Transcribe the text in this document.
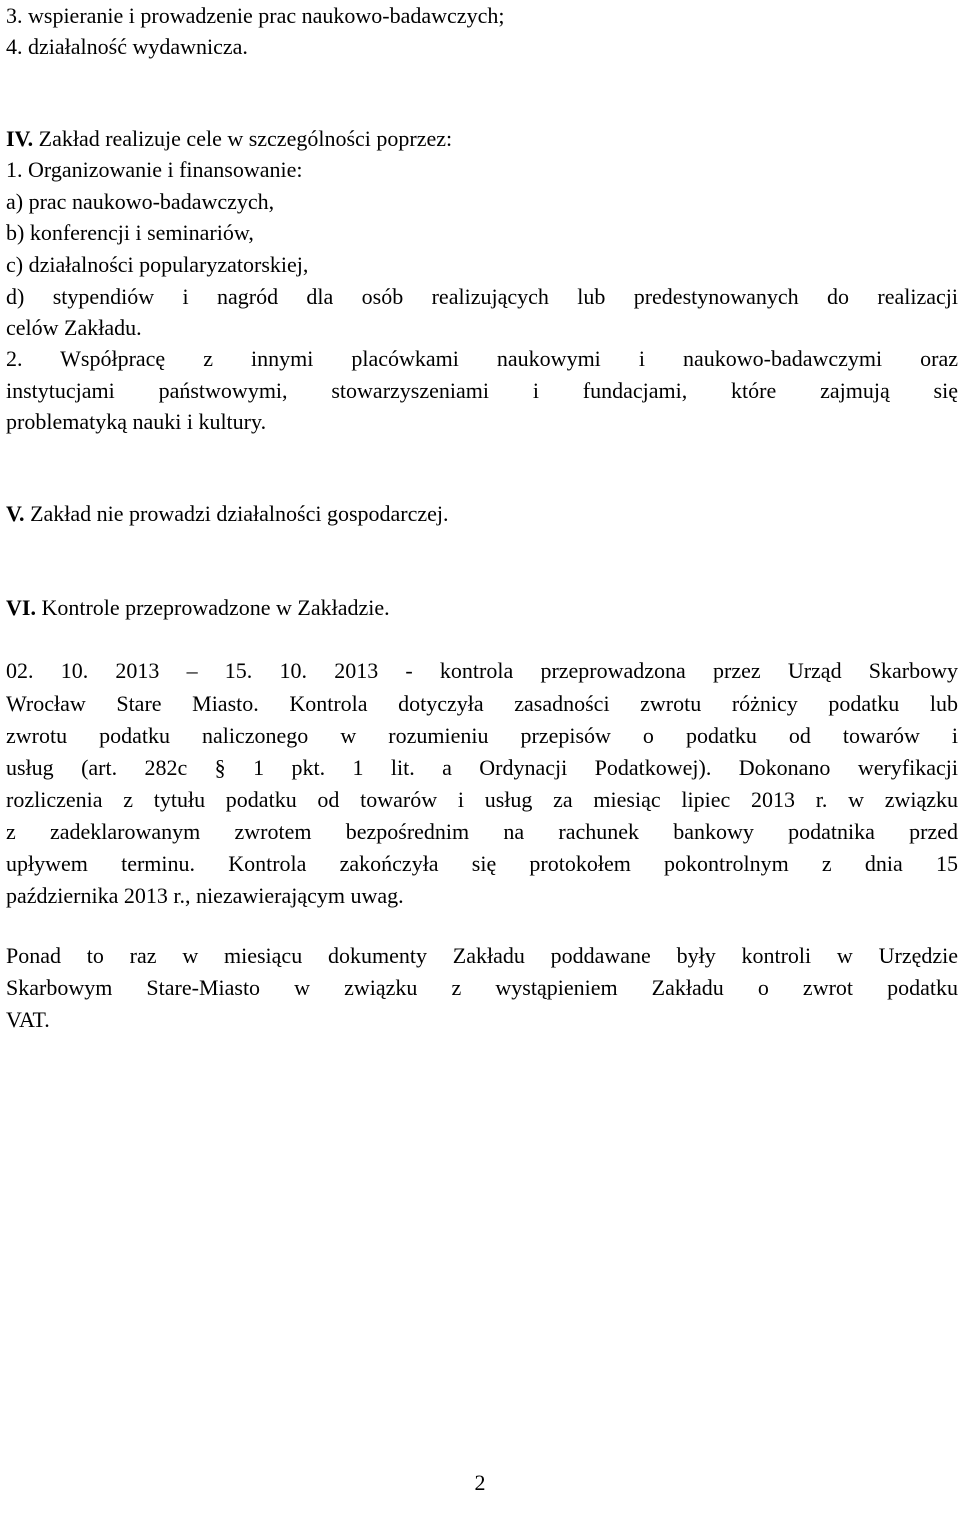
3. wspieranie i prowadzenie prac naukowo-badawczych;
4. działalność wydawnicza.
IV. Zakład realizuje cele w szczególności poprzez:
1. Organizowanie i finansowanie:
a) prac naukowo-badawczych,
b) konferencji i seminariów,
c) działalności popularyzatorskiej,
d) stypendiów i nagród dla osób realizujących lub predestynowanych do realizacji
celów Zakładu.
2. Współpracę z innymi placówkami naukowymi i naukowo-badawczymi oraz
instytucjami państwowymi, stowarzyszeniami i fundacjami, które zajmują się
problematyką nauki i kultury.
V. Zakład nie prowadzi działalności gospodarczej.
VI. Kontrole przeprowadzone w Zakładzie.
02. 10. 2013 – 15. 10. 2013 - kontrola przeprowadzona przez Urząd Skarbowy
Wrocław Stare Miasto. Kontrola dotyczyła zasadności zwrotu różnicy podatku lub
zwrotu podatku naliczonego w rozumieniu przepisów o podatku od towarów i
usług (art. 282c § 1 pkt. 1 lit. a Ordynacji Podatkowej). Dokonano weryfikacji
rozliczenia z tytułu podatku od towarów i usług za miesiąc lipiec 2013 r. w związku
z zadeklarowanym zwrotem bezpośrednim na rachunek bankowy podatnika przed
upływem terminu. Kontrola zakończyła się protokołem pokontrolnym z dnia 15
października 2013 r., niezawierającym uwag.
Ponad to raz w miesiącu dokumenty Zakładu poddawane były kontroli w Urzędzie
Skarbowym Stare-Miasto w związku z wystąpieniem Zakładu o zwrot podatku
VAT.
2
